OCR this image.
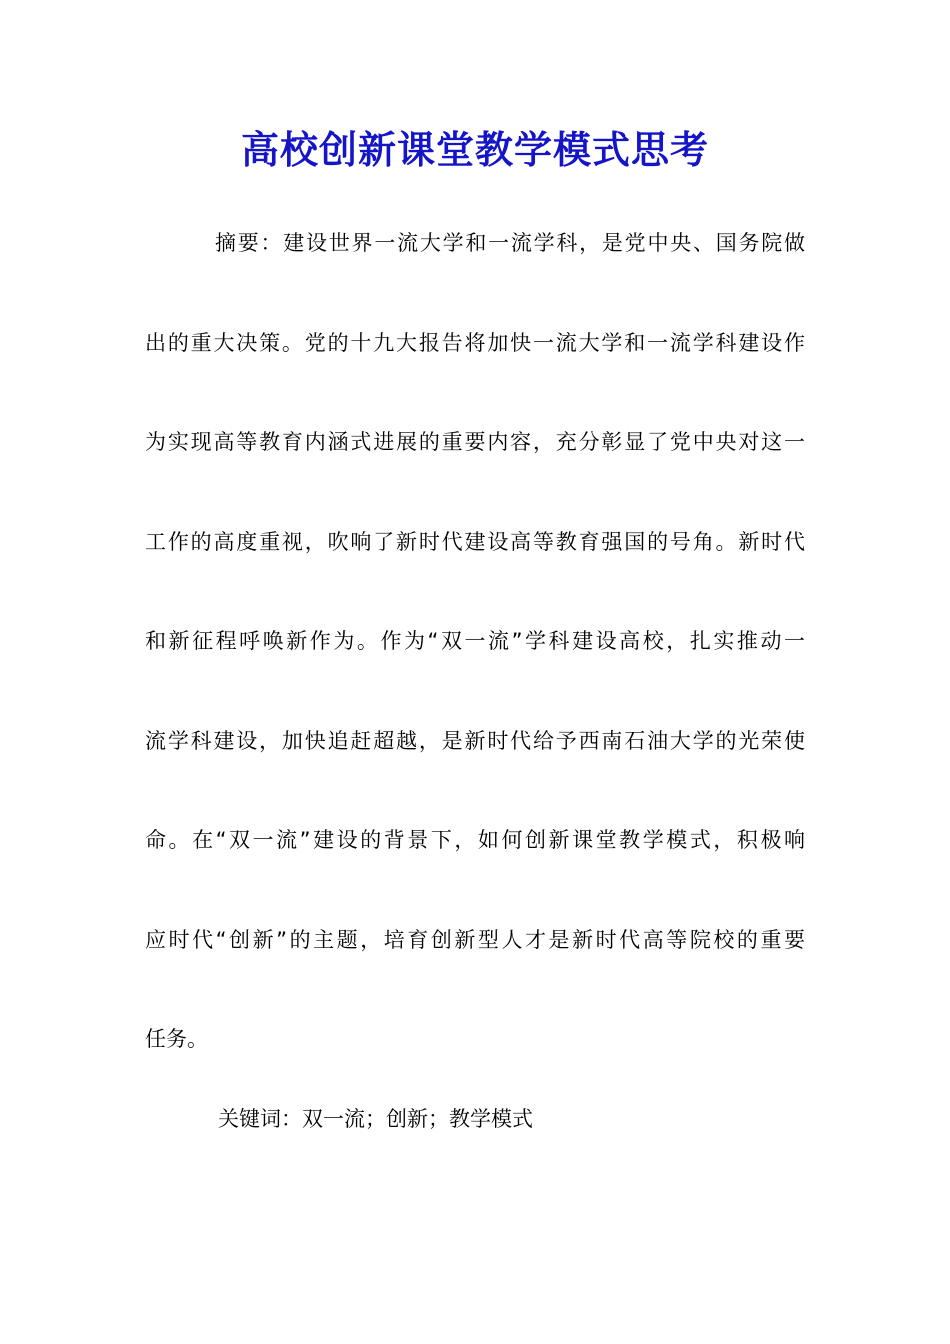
高校创新课堂教学模式思考
摘要：建设世界一流大学和一流学科，是党中央、国务院做
出的重大决策。党的十九大报告将加快一流大学和一流学科建设作
为实现高等教育内涵式进展的重要内容，充分彰显了党中央对这一
工作的高度重视，吹响了新时代建设高等教育强国的号角。新时代
和新征程呼唤新作为。作为“双一流”学科建设高校，扎实推动一
流学科建设，加快追赶超越，是新时代给予西南石油大学的光荣使
命。在“双一流”建设的背景下，如何创新课堂教学模式，积极响
应时代“创新”的主题，培育创新型人才是新时代高等院校的重要
任务。
关键词：双一流；创新；教学模式
